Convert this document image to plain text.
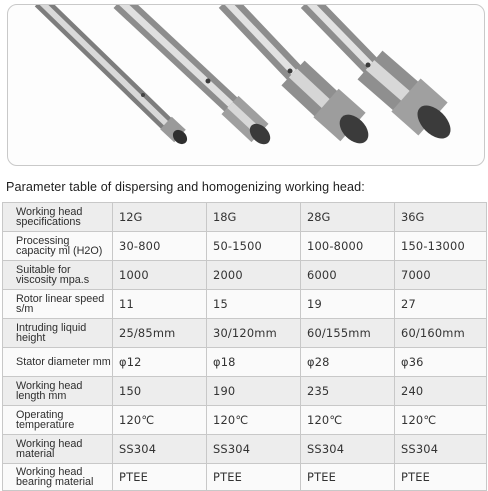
Parameter table of dispersing and homogenizing working head:
Working head specifications	12G	18G	28G	36G
Processing capacity ml (H2O)	30-800	50-1500	100-8000	150-13000
Suitable for viscosity mpa.s	1000	2000	6000	7000
Rotor linear speed s/m	11	15	19	27
Intruding liquid height	25/85mm	30/120mm	60/155mm	60/160mm
Stator diameter mm	φ12	φ18	φ28	φ36
Working head length mm	150	190	235	240
Operating temperature	120℃	120℃	120℃	120℃
Working head material	SS304	SS304	SS304	SS304
Working head bearing material	PTEE	PTEE	PTEE	PTEE
